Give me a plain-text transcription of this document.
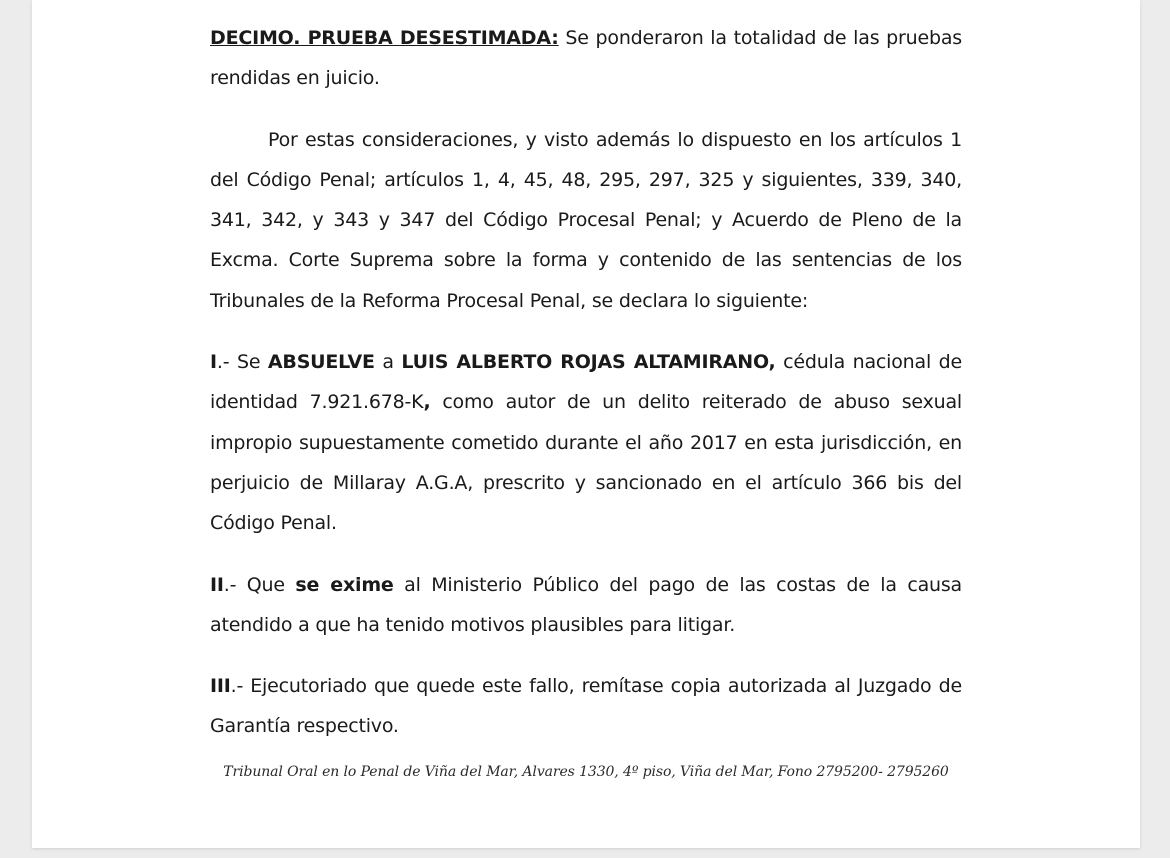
DECIMO. PRUEBA DESESTIMADA: Se ponderaron la totalidad de las pruebas rendidas en juicio.

Por estas consideraciones, y visto además lo dispuesto en los artículos 1 del Código Penal; artículos 1, 4, 45, 48, 295, 297, 325 y siguientes, 339, 340, 341, 342, y 343 y 347 del Código Procesal Penal; y Acuerdo de Pleno de la Excma. Corte Suprema sobre la forma y contenido de las sentencias de los Tribunales de la Reforma Procesal Penal, se declara lo siguiente:

I.- Se ABSUELVE a LUIS ALBERTO ROJAS ALTAMIRANO, cédula nacional de identidad 7.921.678-K, como autor de un delito reiterado de abuso sexual impropio supuestamente cometido durante el año 2017 en esta jurisdicción, en perjuicio de Millaray A.G.A, prescrito y sancionado en el artículo 366 bis del Código Penal.

II.- Que se exime al Ministerio Público del pago de las costas de la causa atendido a que ha tenido motivos plausibles para litigar.

III.- Ejecutoriado que quede este fallo, remítase copia autorizada al Juzgado de Garantía respectivo.

Tribunal Oral en lo Penal de Viña del Mar, Alvares 1330, 4º piso, Viña del Mar, Fono 2795200- 2795260
